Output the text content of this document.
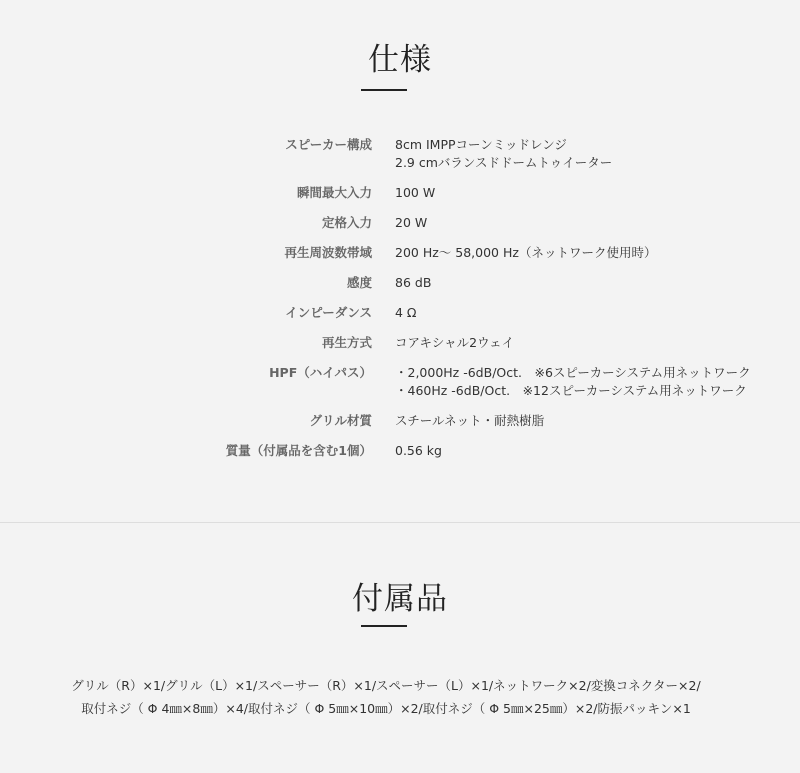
仕様
スピーカー構成 8cm IMPPコーンミッドレンジ
2.9 cmバランスドドームトゥイーター
瞬間最大入力 100 W
定格入力 20 W
再生周波数帯域 200 Hz～ 58,000 Hz（ネットワーク使用時）
感度 86 dB
インピーダンス 4 Ω
再生方式 コアキシャル2ウェイ
HPF（ハイパス） ・2,000Hz -6dB/Oct.　※6スピーカーシステム用ネットワーク
・460Hz -6dB/Oct.　※12スピーカーシステム用ネットワーク
グリル材質 スチールネット・耐熱樹脂
質量（付属品を含む1個） 0.56 kg
付属品
グリル（R）×1/グリル（L）×1/スペーサー（R）×1/スペーサー（L）×1/ネットワーク×2/変換コネクター×2/
取付ネジ（ Φ 4㎜×8㎜）×4/取付ネジ（ Φ 5㎜×10㎜）×2/取付ネジ（ Φ 5㎜×25㎜）×2/防振パッキン×1
